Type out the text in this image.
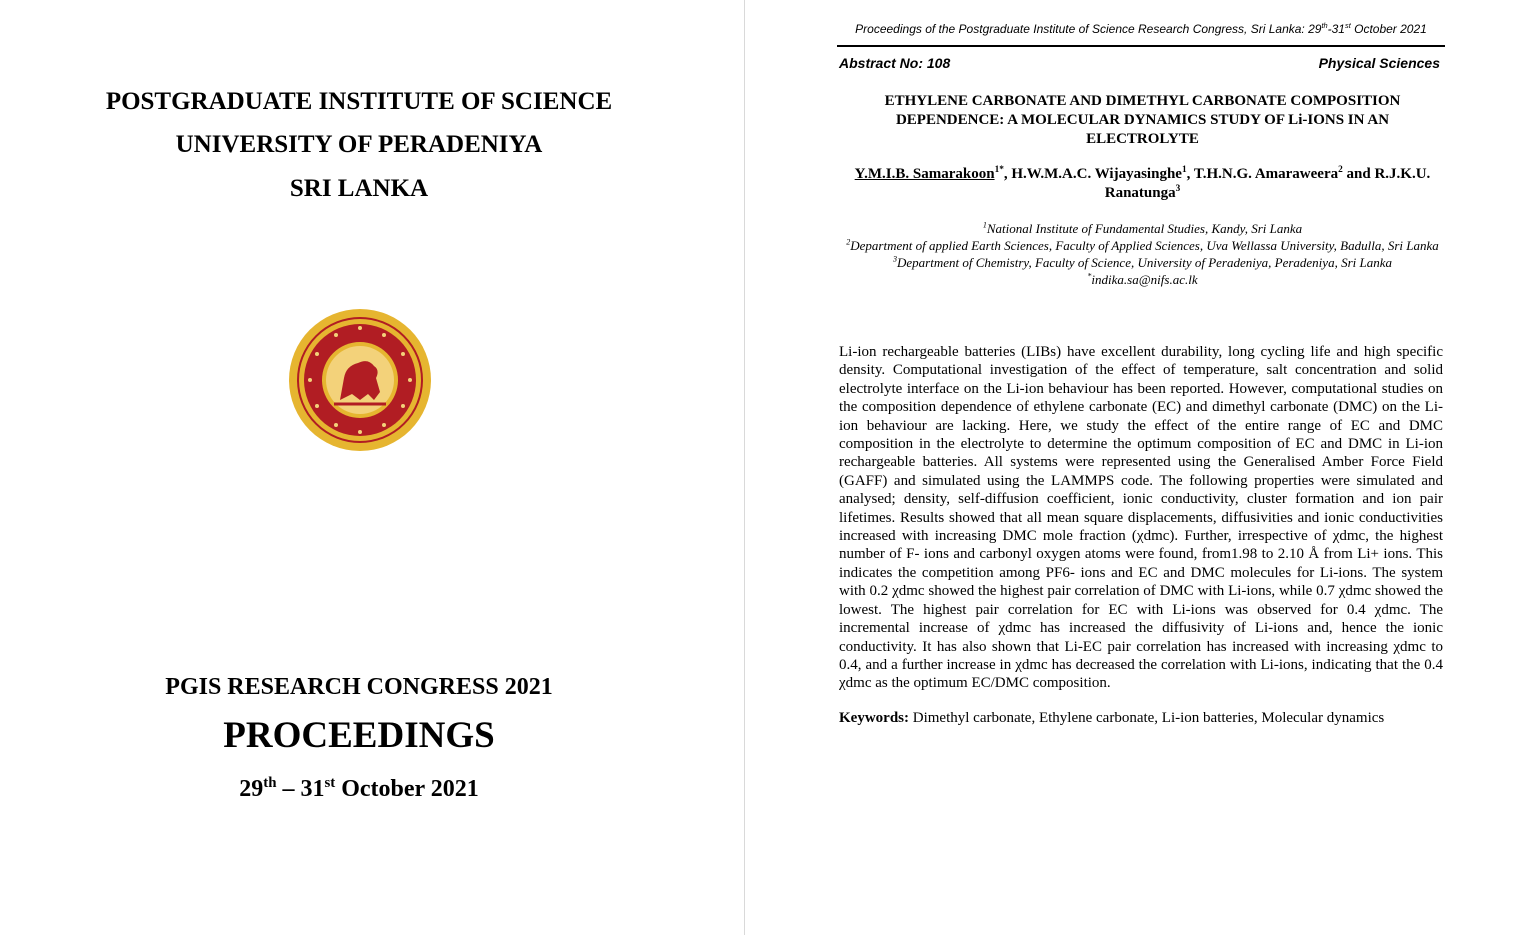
POSTGRADUATE INSTITUTE OF SCIENCE
UNIVERSITY OF PERADENIYA
SRI LANKA
PGIS RESEARCH CONGRESS 2021
PROCEEDINGS
29th – 31st October 2021
Proceedings of the Postgraduate Institute of Science Research Congress, Sri Lanka: 29th-31st October 2021
Abstract No: 108	Physical Sciences
ETHYLENE CARBONATE AND DIMETHYL CARBONATE COMPOSITION DEPENDENCE: A MOLECULAR DYNAMICS STUDY OF Li-IONS IN AN ELECTROLYTE
Y.M.I.B. Samarakoon$^{1*}$, H.W.M.A.C. Wijayasinghe$^1$, T.H.N.G. Amaraweera$^2$ and R.J.K.U. Ranatunga$^3$
$^1$National Institute of Fundamental Studies, Kandy, Sri Lanka
$^2$Department of applied Earth Sciences, Faculty of Applied Sciences, Uva Wellassa University, Badulla, Sri Lanka
$^3$Department of Chemistry, Faculty of Science, University of Peradeniya, Peradeniya, Sri Lanka
*indika.sa@nifs.ac.lk
Li-ion rechargeable batteries (LIBs) have excellent durability, long cycling life and high specific density. Computational investigation of the effect of temperature, salt concentration and solid electrolyte interface on the Li-ion behaviour has been reported. However, computational studies on the composition dependence of ethylene carbonate (EC) and dimethyl carbonate (DMC) on the Li-ion behaviour are lacking. Here, we study the effect of the entire range of EC and DMC composition in the electrolyte to determine the optimum composition of EC and DMC in Li-ion rechargeable batteries. All systems were represented using the Generalised Amber Force Field (GAFF) and simulated using the LAMMPS code. The following properties were simulated and analysed; density, self-diffusion coefficient, ionic conductivity, cluster formation and ion pair lifetimes. Results showed that all mean square displacements, diffusivities and ionic conductivities increased with increasing DMC mole fraction (χdmc). Further, irrespective of χdmc, the highest number of F- ions and carbonyl oxygen atoms were found, from1.98 to 2.10 Å from Li+ ions. This indicates the competition among PF6- ions and EC and DMC molecules for Li-ions. The system with 0.2 χdmc showed the highest pair correlation of DMC with Li-ions, while 0.7 χdmc showed the lowest. The highest pair correlation for EC with Li-ions was observed for 0.4 χdmc. The incremental increase of χdmc has increased the diffusivity of Li-ions and, hence the ionic conductivity. It has also shown that Li-EC pair correlation has increased with increasing χdmc to 0.4, and a further increase in χdmc has decreased the correlation with Li-ions, indicating that the 0.4 χdmc as the optimum EC/DMC composition.
Keywords: Dimethyl carbonate, Ethylene carbonate, Li-ion batteries, Molecular dynamics
